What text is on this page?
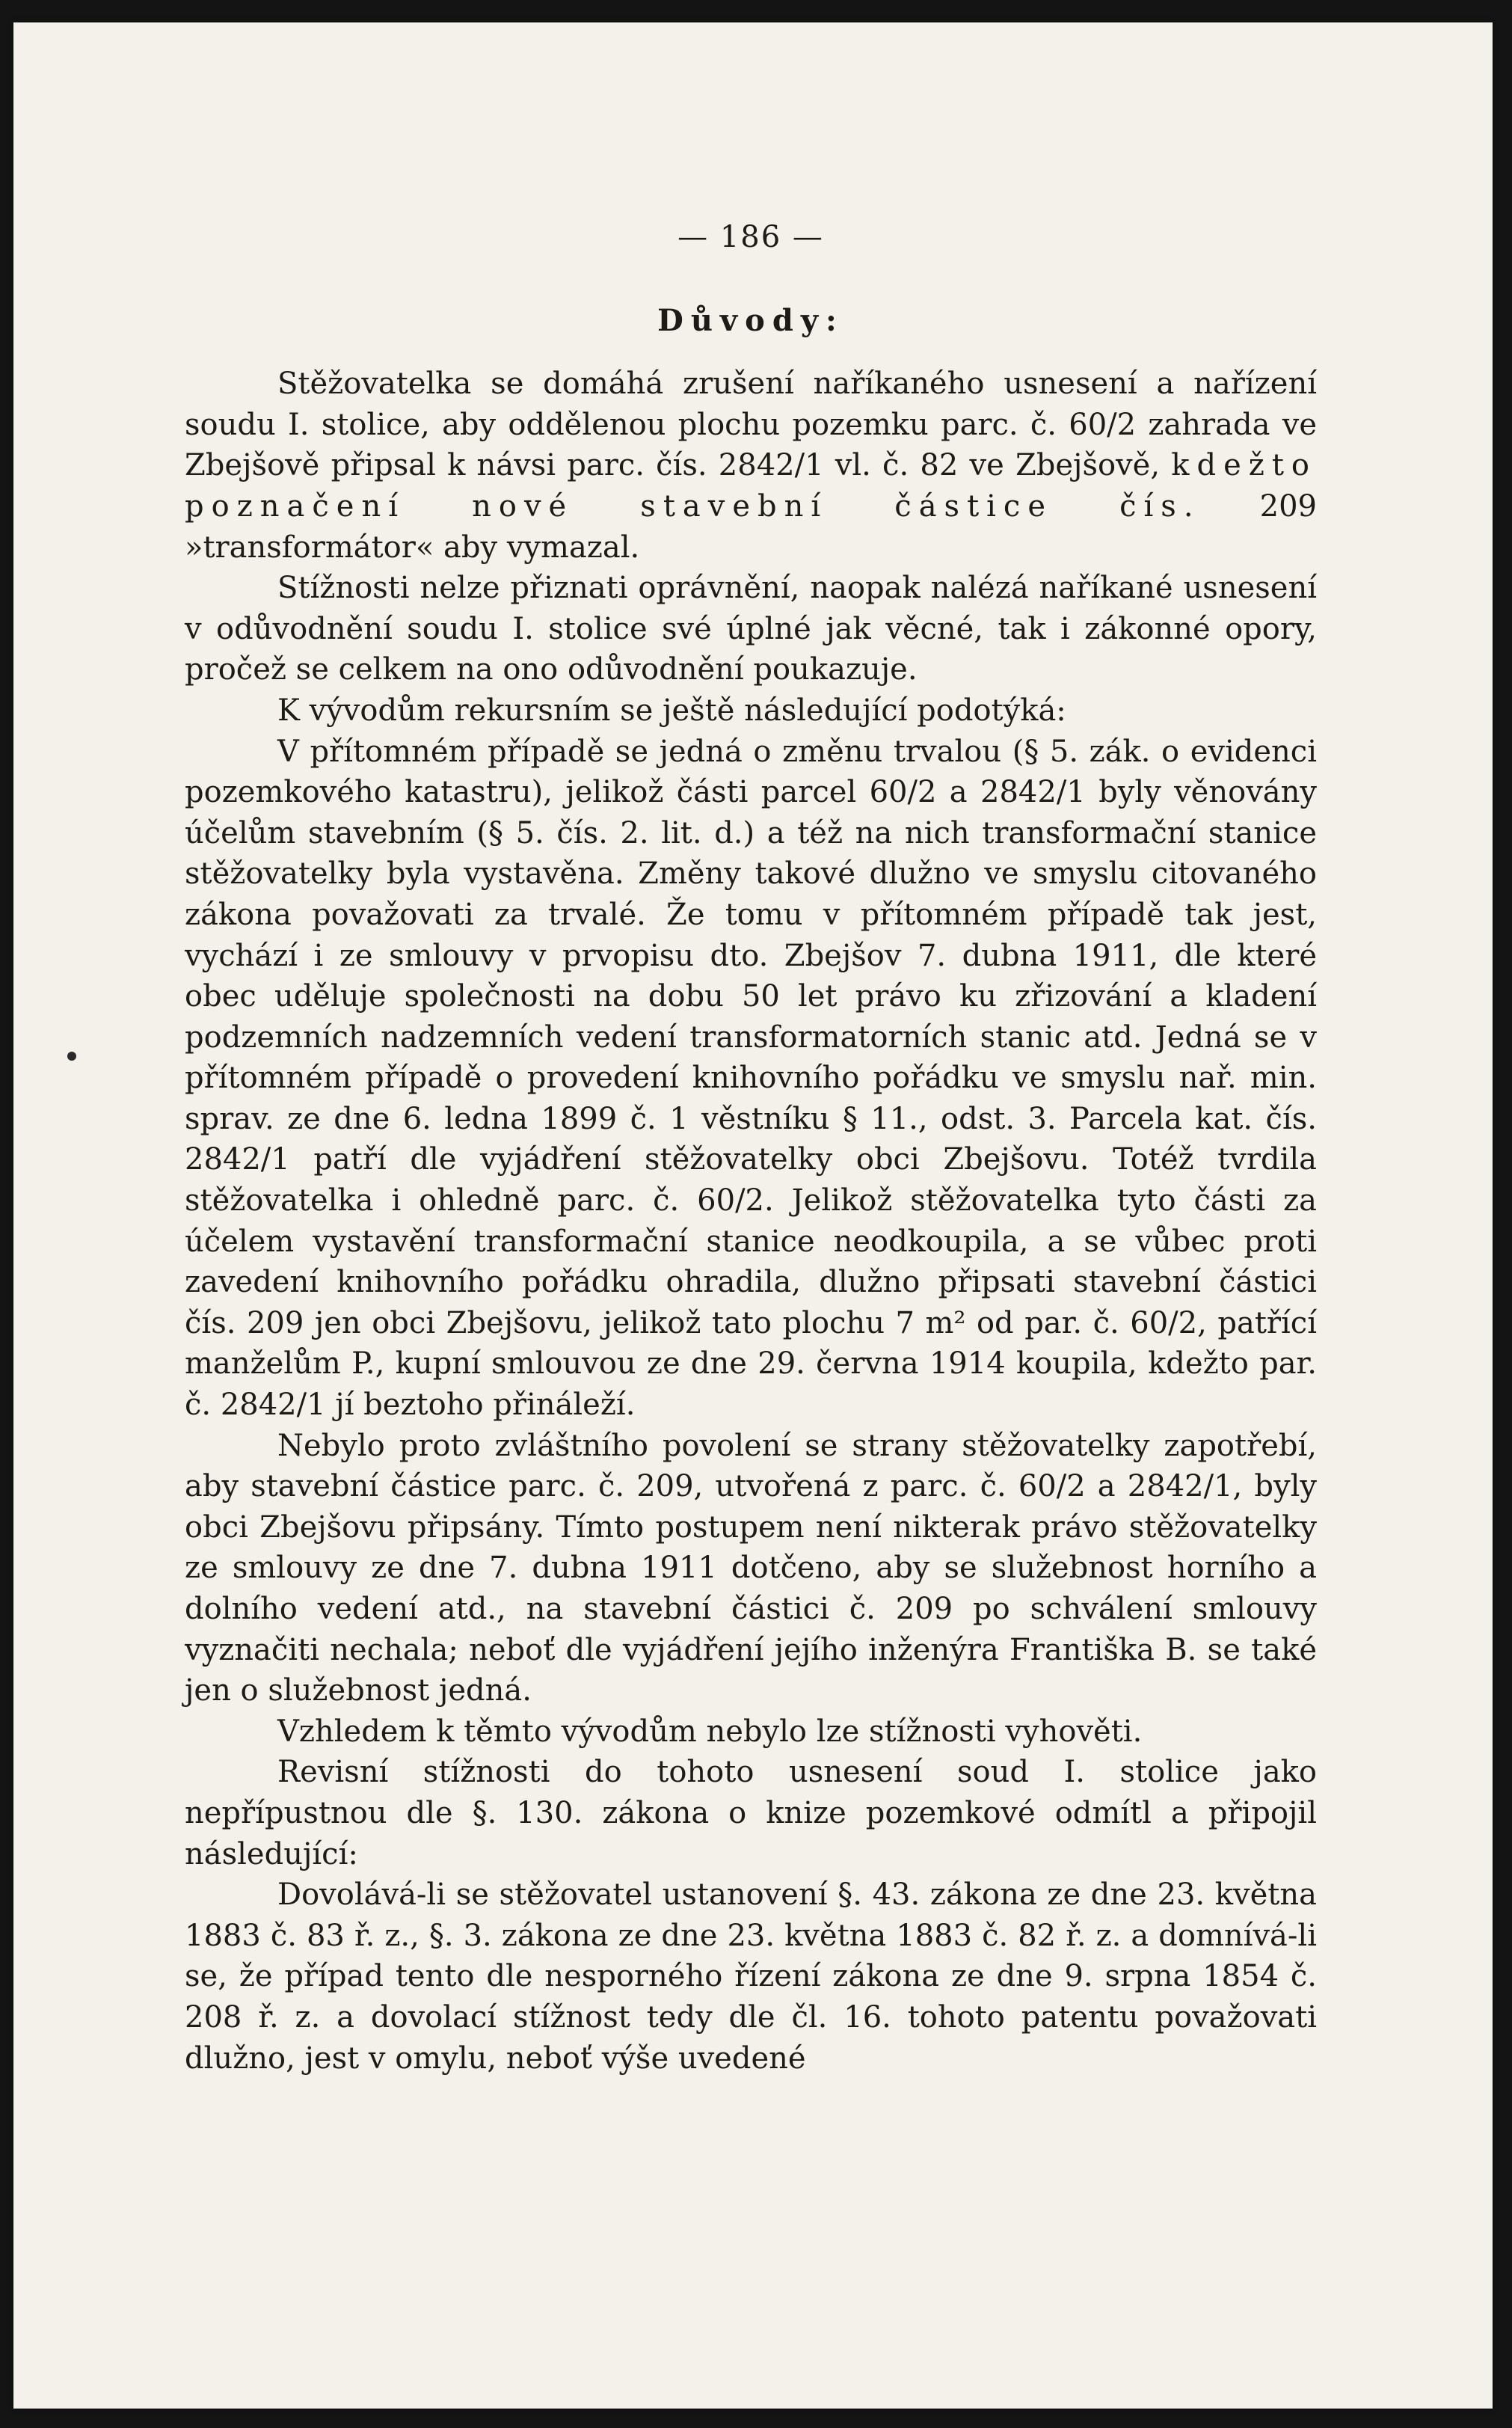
— 186 —
Důvody:

Stěžovatelka se domáhá zrušení naříkaného usnesení a nařízení soudu I. stolice, aby oddělenou plochu pozemku parc. č. 60/2 zahrada ve Zbejšově připsal k návsi parc. čís. 2842/1 vl. č. 82 ve Zbejšově, kdežto poznačení nové stavební částice čís. 209 »transformátor« aby vymazal.

Stížnosti nelze přiznati oprávnění, naopak nalézá naříkané usnesení v odůvodnění soudu I. stolice své úplné jak věcné, tak i zákonné opory, pročež se celkem na ono odůvodnění poukazuje.

K vývodům rekursním se ještě následující podotýká:

V přítomném případě se jedná o změnu trvalou (§ 5. zák. o evidenci pozemkového katastru), jelikož části parcel 60/2 a 2842/1 byly věnovány účelům stavebním (§ 5. čís. 2. lit. d.) a též na nich transformační stanice stěžovatelky byla vystavěna. Změny takové dlužno ve smyslu citovaného zákona považovati za trvalé. Že tomu v přítomném případě tak jest, vychází i ze smlouvy v prvopisu dto. Zbejšov 7. dubna 1911, dle které obec uděluje společnosti na dobu 50 let právo ku zřizování a kladení podzemních nadzemních vedení transformatorních stanic atd. Jedná se v přítomném případě o provedení knihovního pořádku ve smyslu nař. min. sprav. ze dne 6. ledna 1899 č. 1 věstníku § 11., odst. 3. Parcela kat. čís. 2842/1 patří dle vyjádření stěžovatelky obci Zbejšovu. Totéž tvrdila stěžovatelka i ohledně parc. č. 60/2. Jelikož stěžovatelka tyto části za účelem vystavění transformační stanice neodkoupila, a se vůbec proti zavedení knihovního pořádku ohradila, dlužno připsati stavební částici čís. 209 jen obci Zbejšovu, jelikož tato plochu 7 m² od par. č. 60/2, patřící manželům P., kupní smlouvou ze dne 29. června 1914 koupila, kdežto par. č. 2842/1 jí beztoho přináleží.

Nebylo proto zvláštního povolení se strany stěžovatelky zapotřebí, aby stavební částice parc. č. 209, utvořená z parc. č. 60/2 a 2842/1, byly obci Zbejšovu připsány. Tímto postupem není nikterak právo stěžovatelky ze smlouvy ze dne 7. dubna 1911 dotčeno, aby se služebnost horního a dolního vedení atd., na stavební částici č. 209 po schválení smlouvy vyznačiti nechala; neboť dle vyjádření jejího inženýra Františka B. se také jen o služebnost jedná.

Vzhledem k těmto vývodům nebylo lze stížnosti vyhověti.

Revisní stížnosti do tohoto usnesení soud I. stolice jako nepřípustnou dle §. 130. zákona o knize pozemkové odmítl a připojil následující:

Dovolává-li se stěžovatel ustanovení §. 43. zákona ze dne 23. května 1883 č. 83 ř. z., §. 3. zákona ze dne 23. května 1883 č. 82 ř. z. a domnívá-li se, že případ tento dle nesporného řízení zákona ze dne 9. srpna 1854 č. 208 ř. z. a dovolací stížnost tedy dle čl. 16. tohoto patentu považovati dlužno, jest v omylu, neboť výše uvedené
